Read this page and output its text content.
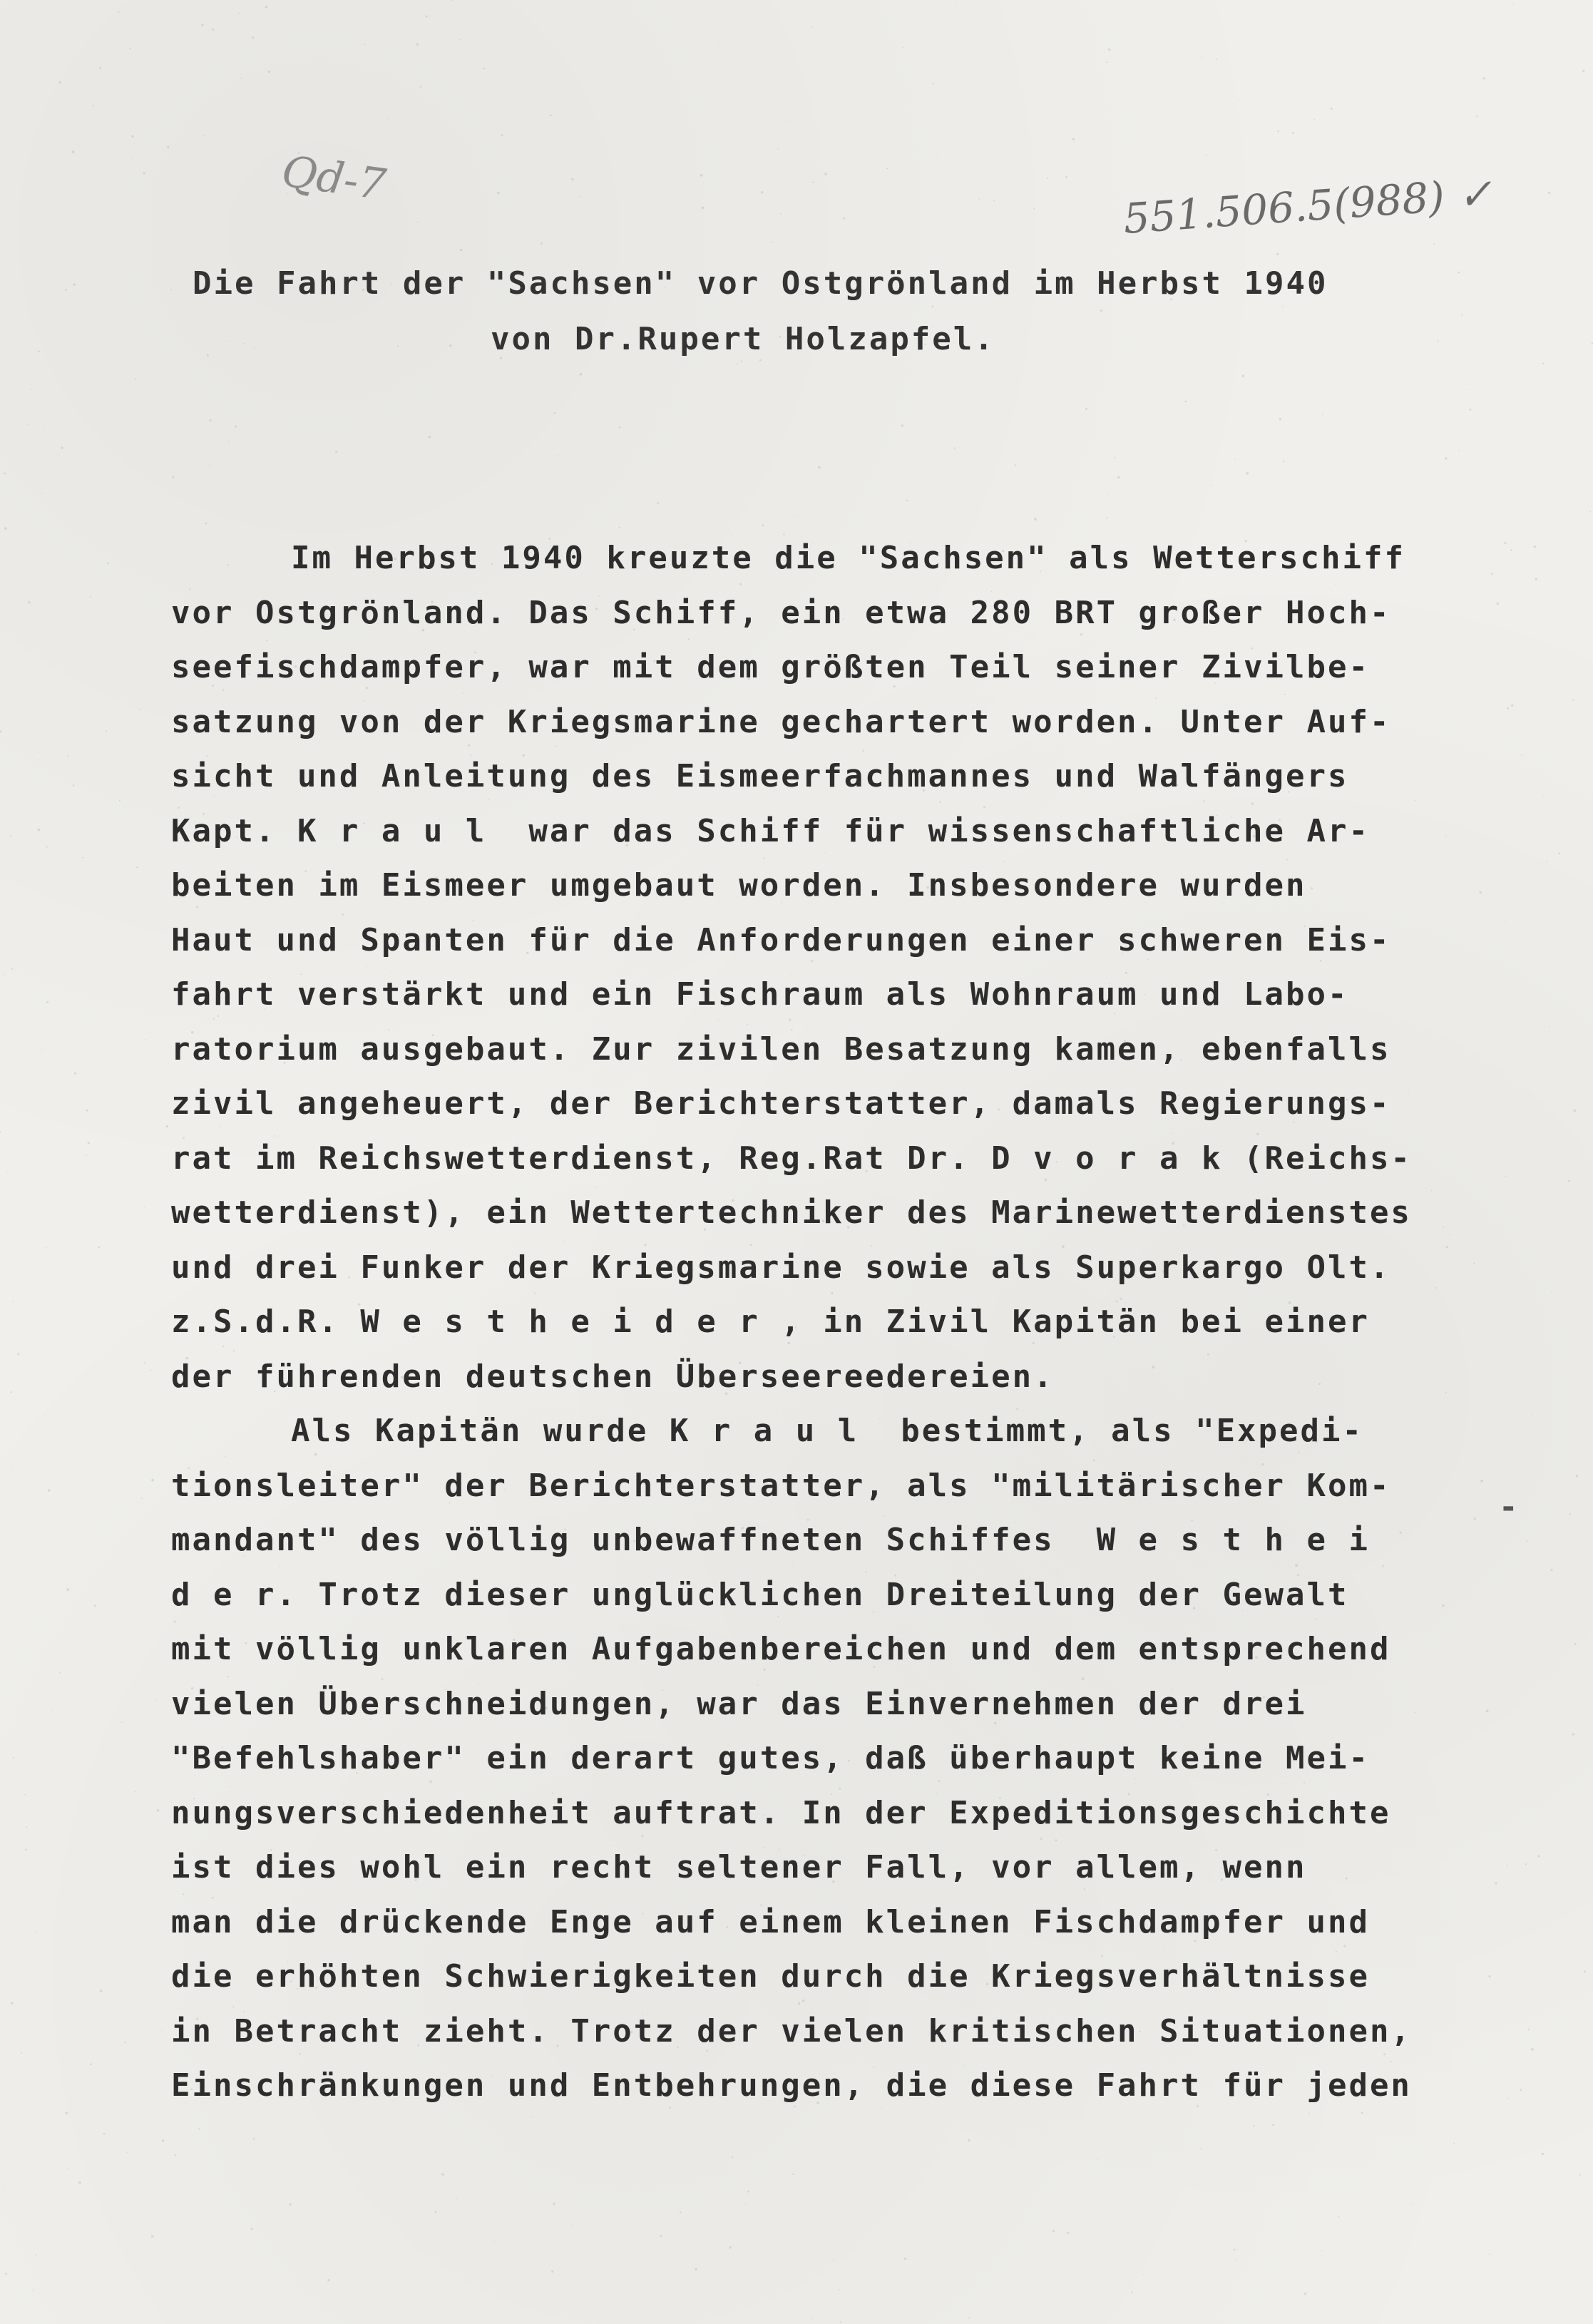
Qd-7	551.506.5(988) ✓
Die Fahrt der "Sachsen" vor Ostgrönland im Herbst 1940
von Dr.Rupert Holzapfel.
Im Herbst 1940 kreuzte die "Sachsen" als Wetterschiff
vor Ostgrönland. Das Schiff, ein etwa 280 BRT großer Hoch-
seefischdampfer, war mit dem größten Teil seiner Zivilbe-
satzung von der Kriegsmarine gechartert worden. Unter Auf-
sicht und Anleitung des Eismeerfachmannes und Walfängers
Kapt. K r a u l  war das Schiff für wissenschaftliche Ar-
beiten im Eismeer umgebaut worden. Insbesondere wurden
Haut und Spanten für die Anforderungen einer schweren Eis-
fahrt verstärkt und ein Fischraum als Wohnraum und Labo-
ratorium ausgebaut. Zur zivilen Besatzung kamen, ebenfalls
zivil angeheuert, der Berichterstatter, damals Regierungs-
rat im Reichswetterdienst, Reg.Rat Dr. D v o r a k (Reichs-
wetterdienst), ein Wettertechniker des Marinewetterdienstes
und drei Funker der Kriegsmarine sowie als Superkargo Olt.
z.S.d.R. W e s t h e i d e r , in Zivil Kapitän bei einer
der führenden deutschen Überseereedereien.
Als Kapitän wurde K r a u l  bestimmt, als "Expedi-
tionsleiter" der Berichterstatter, als "militärischer Kom-
mandant" des völlig unbewaffneten Schiffes  W e s t h e i
d e r. Trotz dieser unglücklichen Dreiteilung der Gewalt
mit völlig unklaren Aufgabenbereichen und dem entsprechend
vielen Überschneidungen, war das Einvernehmen der drei
"Befehlshaber" ein derart gutes, daß überhaupt keine Mei-
nungsverschiedenheit auftrat. In der Expeditionsgeschichte
ist dies wohl ein recht seltener Fall, vor allem, wenn
man die drückende Enge auf einem kleinen Fischdampfer und
die erhöhten Schwierigkeiten durch die Kriegsverhältnisse
in Betracht zieht. Trotz der vielen kritischen Situationen,
Einschränkungen und Entbehrungen, die diese Fahrt für jeden
-
